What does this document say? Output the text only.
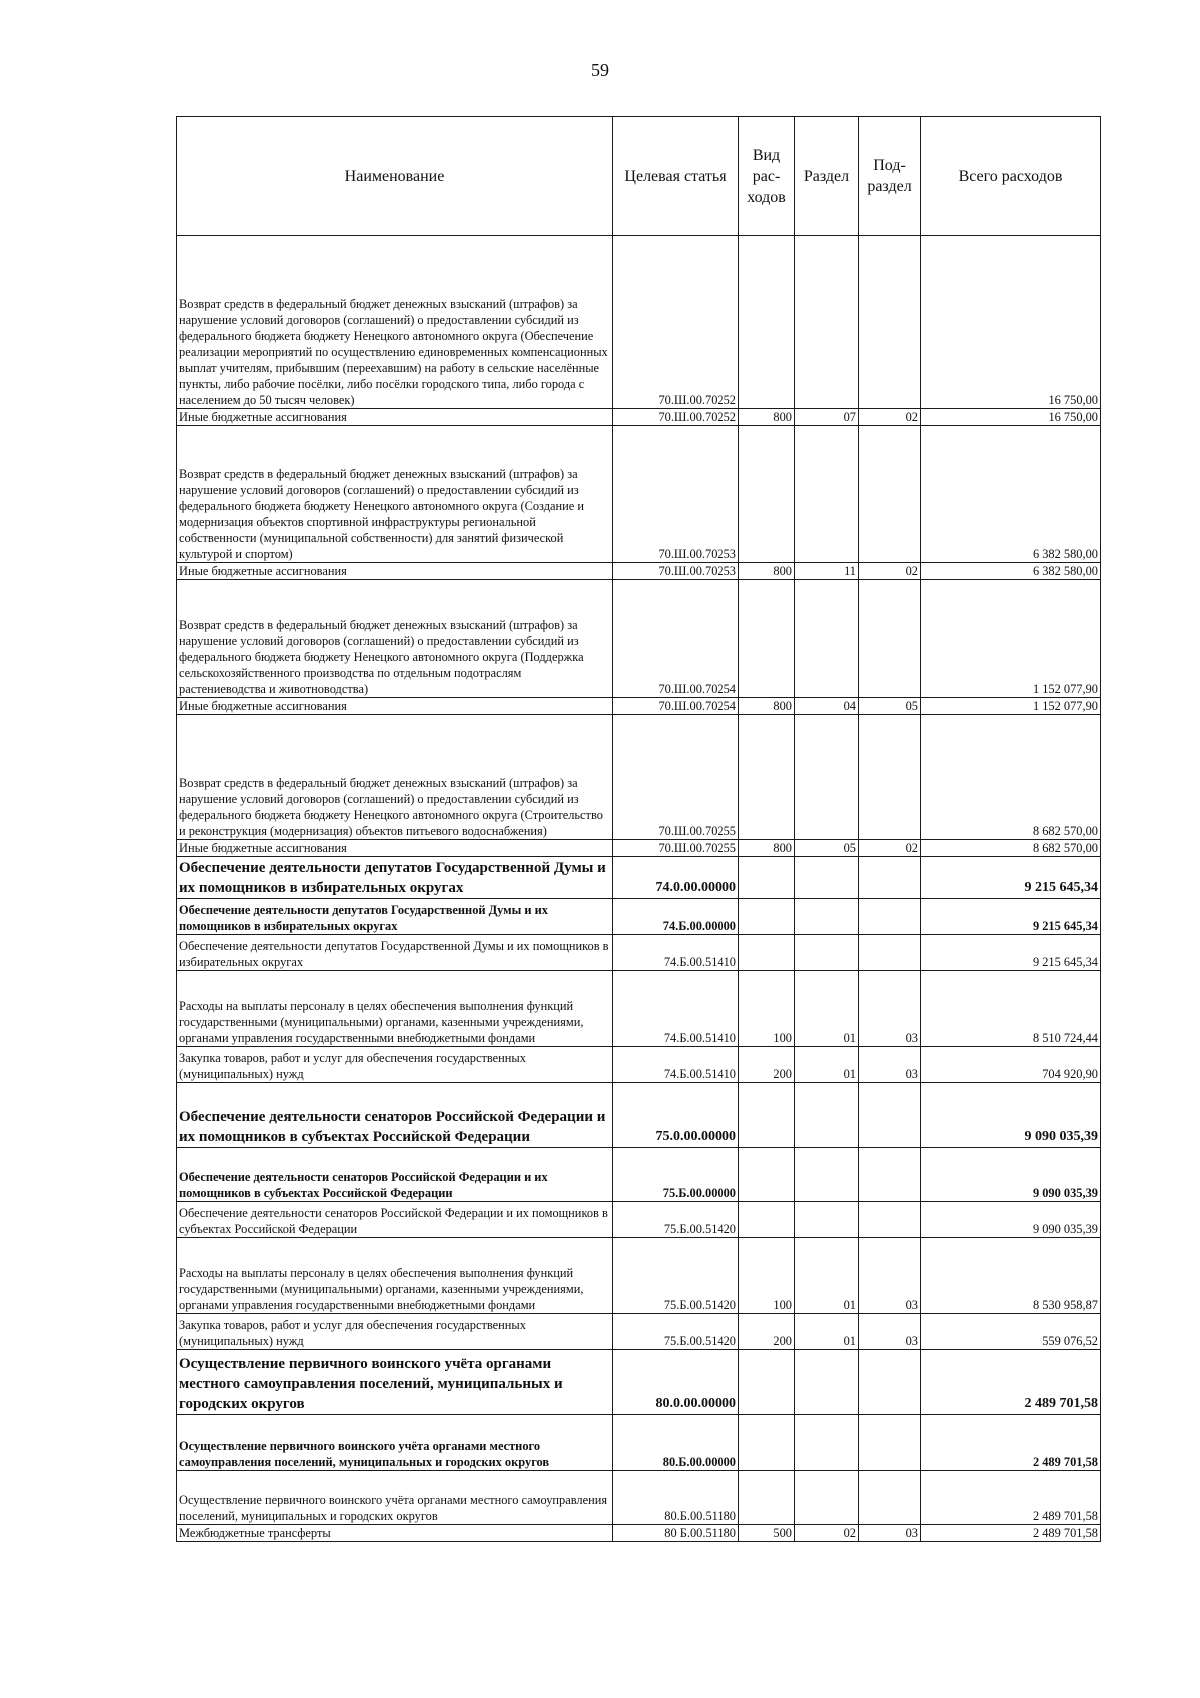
59
Наименование	Целевая статья	Вид рас-ходов	Раздел	Под-раздел	Всего расходов
Возврат средств в федеральный бюджет денежных взысканий (штрафов) за нарушение условий договоров (соглашений) о предоставлении субсидий из федерального бюджета бюджету Ненецкого автономного округа (Обеспечение реализации мероприятий по осуществлению единовременных компенсационных выплат учителям, прибывшим (переехавшим) на работу в сельские населённые пункты, либо рабочие посёлки, либо посёлки городского типа, либо города с населением до 50 тысяч человек)	70.Ш.00.70252				16 750,00
Иные бюджетные ассигнования	70.Ш.00.70252	800	07	02	16 750,00
Возврат средств в федеральный бюджет денежных взысканий (штрафов) за нарушение условий договоров (соглашений) о предоставлении субсидий из федерального бюджета бюджету Ненецкого автономного округа (Создание и модернизация объектов спортивной инфраструктуры региональной собственности (муниципальной собственности) для занятий физической культурой и спортом)	70.Ш.00.70253				6 382 580,00
Иные бюджетные ассигнования	70.Ш.00.70253	800	11	02	6 382 580,00
Возврат средств в федеральный бюджет денежных взысканий (штрафов) за нарушение условий договоров (соглашений) о предоставлении субсидий из федерального бюджета бюджету Ненецкого автономного округа (Поддержка сельскохозяйственного производства по отдельным подотраслям растениеводства и животноводства)	70.Ш.00.70254				1 152 077,90
Иные бюджетные ассигнования	70.Ш.00.70254	800	04	05	1 152 077,90
Возврат средств в федеральный бюджет денежных взысканий (штрафов) за нарушение условий договоров (соглашений) о предоставлении субсидий из федерального бюджета бюджету Ненецкого автономного округа (Строительство и реконструкция (модернизация) объектов питьевого водоснабжения)	70.Ш.00.70255				8 682 570,00
Иные бюджетные ассигнования	70.Ш.00.70255	800	05	02	8 682 570,00
Обеспечение деятельности депутатов Государственной Думы и их помощников в избирательных округах	74.0.00.00000				9 215 645,34
Обеспечение деятельности депутатов Государственной Думы и их помощников в избирательных округах	74.Б.00.00000				9 215 645,34
Обеспечение деятельности депутатов Государственной Думы и их помощников в избирательных округах	74.Б.00.51410				9 215 645,34
Расходы на выплаты персоналу в целях обеспечения выполнения функций государственными (муниципальными) органами, казенными учреждениями, органами управления государственными внебюджетными фондами	74.Б.00.51410	100	01	03	8 510 724,44
Закупка товаров, работ и услуг для обеспечения государственных (муниципальных) нужд	74.Б.00.51410	200	01	03	704 920,90
Обеспечение деятельности сенаторов Российской Федерации и их помощников в субъектах Российской Федерации	75.0.00.00000				9 090 035,39
Обеспечение деятельности сенаторов Российской Федерации и их помощников в субъектах Российской Федерации	75.Б.00.00000				9 090 035,39
Обеспечение деятельности сенаторов Российской Федерации и их помощников в субъектах Российской Федерации	75.Б.00.51420				9 090 035,39
Расходы на выплаты персоналу в целях обеспечения выполнения функций государственными (муниципальными) органами, казенными учреждениями, органами управления государственными внебюджетными фондами	75.Б.00.51420	100	01	03	8 530 958,87
Закупка товаров, работ и услуг для обеспечения государственных (муниципальных) нужд	75.Б.00.51420	200	01	03	559 076,52
Осуществление первичного воинского учёта органами местного самоуправления поселений, муниципальных и городских округов	80.0.00.00000				2 489 701,58
Осуществление первичного воинского учёта органами местного самоуправления поселений, муниципальных и городских округов	80.Б.00.00000				2 489 701,58
Осуществление первичного воинского учёта органами местного самоуправления поселений, муниципальных и городских округов	80.Б.00.51180				2 489 701,58
Межбюджетные трансферты	80 Б.00.51180	500	02	03	2 489 701,58
